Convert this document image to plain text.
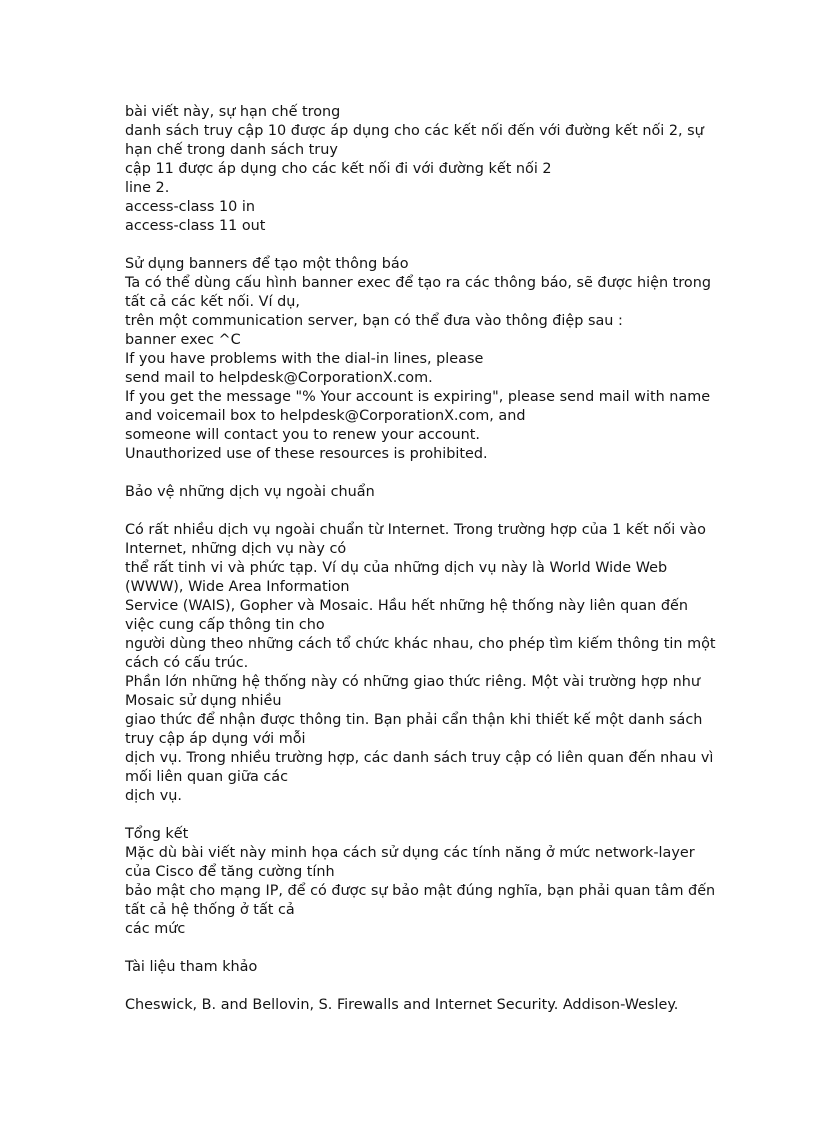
bài viết này, sự hạn chế trong
danh sách truy cập 10 được áp dụng cho các kết nối đến với đường kết nối 2, sự
hạn chế trong danh sách truy
cập 11 được áp dụng cho các kết nối đi với đường kết nối 2
line 2.
access-class 10 in
access-class 11 out
Sử dụng banners để tạo một thông báo
Ta có thể dùng cấu hình banner exec để tạo ra các thông báo, sẽ được hiện trong
tất cả các kết nối. Ví dụ,
trên một communication server, bạn có thể đưa vào thông điệp sau :
banner exec ^C
If you have problems with the dial-in lines, please
send mail to helpdesk@CorporationX.com.
If you get the message "% Your account is expiring", please send mail with name
and voicemail box to helpdesk@CorporationX.com, and
someone will contact you to renew your account.
Unauthorized use of these resources is prohibited.
Bảo vệ những dịch vụ ngoài chuẩn
Có rất nhiều dịch vụ ngoài chuẩn từ Internet. Trong trường hợp của 1 kết nối vào
Internet, những dịch vụ này có
thể rất tinh vi và phức tạp. Ví dụ của những dịch vụ này là World Wide Web
(WWW), Wide Area Information
Service (WAIS), Gopher và Mosaic. Hầu hết những hệ thống này liên quan đến
việc cung cấp thông tin cho
người dùng theo những cách tổ chức khác nhau, cho phép tìm kiếm thông tin một
cách có cấu trúc.
Phần lớn những hệ thống này có những giao thức riêng. Một vài trường hợp như
Mosaic sử dụng nhiều
giao thức để nhận được thông tin. Bạn phải cẩn thận khi thiết kế một danh sách
truy cập áp dụng với mỗi
dịch vụ. Trong nhiều trường hợp, các danh sách truy cập có liên quan đến nhau vì
mối liên quan giữa các
dịch vụ.
Tổng kết
Mặc dù bài viết này minh họa cách sử dụng các tính năng ở mức network-layer
của Cisco để tăng cường tính
bảo mật cho mạng IP, để có được sự bảo mật đúng nghĩa, bạn phải quan tâm đến
tất cả hệ thống ở tất cả
các mức
Tài liệu tham khảo
Cheswick, B. and Bellovin, S. Firewalls and Internet Security. Addison-Wesley.
